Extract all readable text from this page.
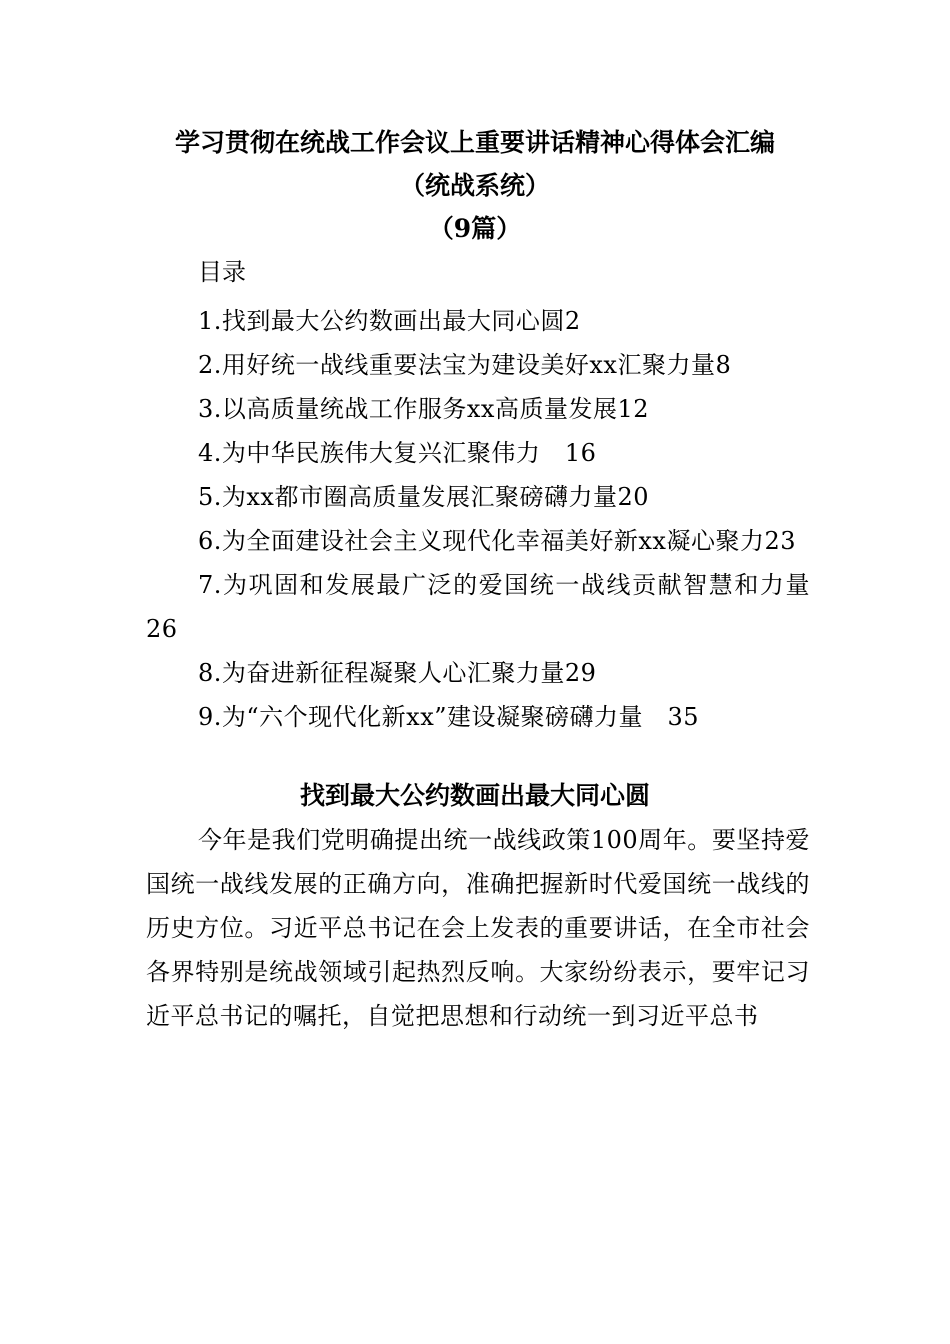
学习贯彻在统战工作会议上重要讲话精神心得体会汇编
（统战系统）
（9篇）
目录
1.找到最大公约数画出最大同心圆2
2.用好统一战线重要法宝为建设美好xx汇聚力量8
3.以高质量统战工作服务xx高质量发展12
4.为中华民族伟大复兴汇聚伟力　16
5.为xx都市圈高质量发展汇聚磅礴力量20
6.为全面建设社会主义现代化幸福美好新xx凝心聚力23
7.为巩固和发展最广泛的爱国统一战线贡献智慧和力量26
8.为奋进新征程凝聚人心汇聚力量29
9.为“六个现代化新xx”建设凝聚磅礴力量　35
找到最大公约数画出最大同心圆

今年是我们党明确提出统一战线政策100周年。要坚持爱国统一战线发展的正确方向，准确把握新时代爱国统一战线的历史方位。习近平总书记在会上发表的重要讲话，在全市社会各界特别是统战领域引起热烈反响。大家纷纷表示，要牢记习近平总书记的嘱托，自觉把思想和行动统一到习近平总书
